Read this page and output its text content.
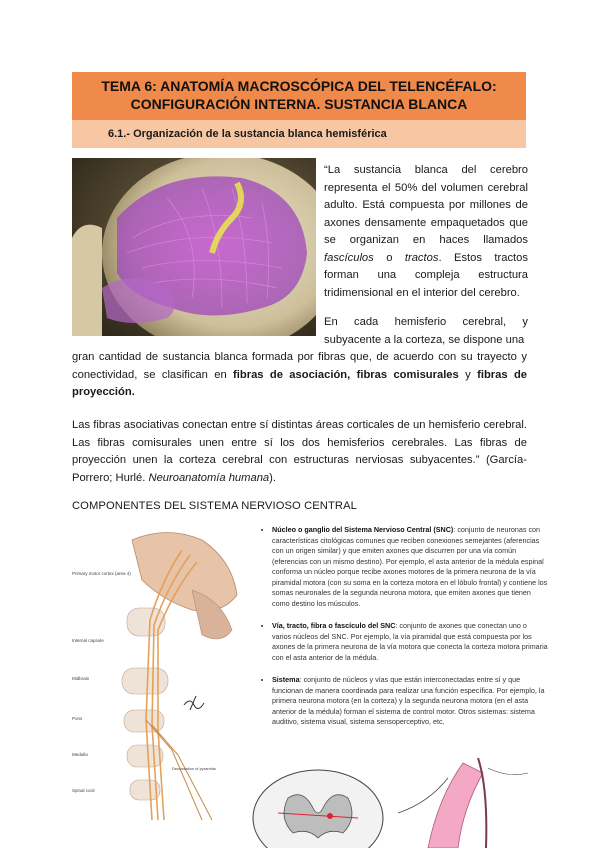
TEMA 6: ANATOMÍA MACROSCÓPICA DEL TELENCÉFALO:
CONFIGURACIÓN INTERNA. SUSTANCIA BLANCA
6.1.- Organización de la sustancia blanca hemisférica
“La sustancia blanca del cerebro representa el 50% del volumen cerebral adulto. Está compuesta por millones de axones densamente empaquetados que se organizan en haces llamados fascículos o tractos. Estos tractos forman una compleja estructura tridimensional en el interior del cerebro.
En cada hemisferio cerebral, y subyacente a la corteza, se dispone una
gran cantidad de sustancia blanca formada por fibras que, de acuerdo con su trayecto y conectividad, se clasifican en fibras de asociación, fibras comisurales y fibras de proyección.
Las fibras asociativas conectan entre sí distintas áreas corticales de un hemisferio cerebral. Las fibras comisurales unen entre sí los dos hemisferios cerebrales. Las fibras de proyección unen la corteza cerebral con estructuras nerviosas subyacentes.” (García-Porrero; Hurlé. Neuroanatomía humana).
COMPONENTES DEL SISTEMA NERVIOSO CENTRAL
Primary motor cortex (area 4)
Internal capsule
Midbrain
Pons
Medulla
Spinal cord
Decussation of pyramids
• Núcleo o ganglio del Sistema Nervioso Central (SNC): conjunto de neuronas con características citológicas comunes que reciben conexiones semejantes (aferencias con un origen similar) y que emiten axones que discurren por una vía común (eferencias con un mismo destino). Por ejemplo, el asta anterior de la médula espinal conforma un núcleo porque recibe axones motores de la primera neurona de la vía piramidal motora (con su soma en la corteza motora en el lóbulo frontal) y contiene los somas neuronales de la segunda neurona motora, que emiten axones que tienen como destino los músculos.
• Vía, tracto, fibra o fascículo del SNC: conjunto de axones que conectan uno o varios núcleos del SNC. Por ejemplo, la vía piramidal que está compuesta por los axones de la primera neurona de la vía motora que conecta la corteza motora primaria con el asta anterior de la médula.
• Sistema: conjunto de núcleos y vías que están interconectadas entre sí y que funcionan de manera coordinada para realizar una función específica. Por ejemplo, la primera neurona motora (en la corteza) y la segunda neurona motora (en el asta anterior de la médula) forman el sistema de control motor. Otros sistemas: sistema auditivo, sistema visual, sistema sensoperceptivo, etc.
